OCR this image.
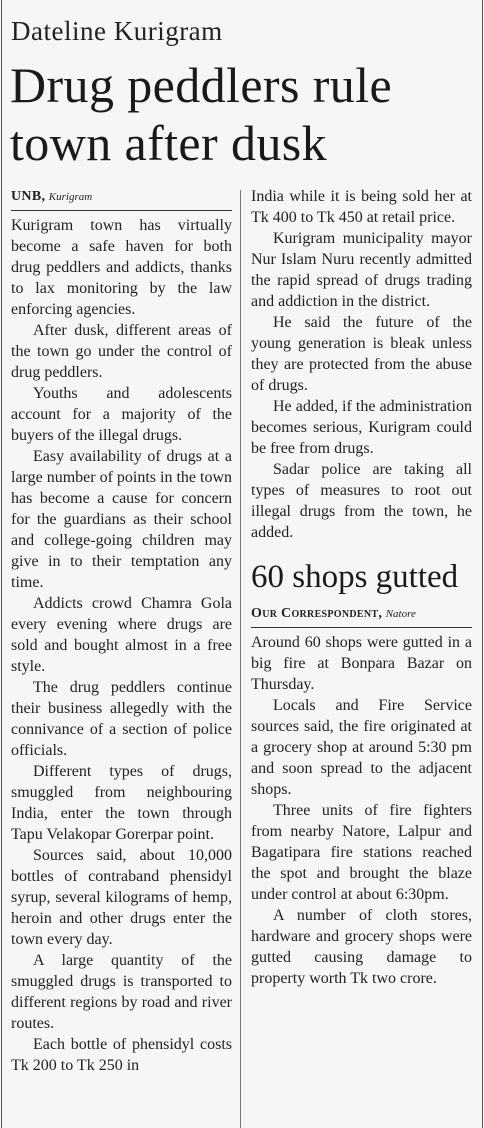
Dateline Kurigram
Drug peddlers rule town after dusk
UNB, Kurigram

Kurigram town has virtually become a safe haven for both drug peddlers and addicts, thanks to lax monitoring by the law enforcing agencies.

After dusk, different areas of the town go under the control of drug peddlers.

Youths and adolescents account for a majority of the buyers of the illegal drugs.

Easy availability of drugs at a large number of points in the town has become a cause for concern for the guardians as their school and college-going children may give in to their temptation any time.

Addicts crowd Chamra Gola every evening where drugs are sold and bought almost in a free style.

The drug peddlers continue their business allegedly with the connivance of a section of police officials.

Different types of drugs, smuggled from neighbouring India, enter the town through Tapu Velakopar Gorerpar point.

Sources said, about 10,000 bottles of contraband phensidyl syrup, several kilograms of hemp, heroin and other drugs enter the town every day.

A large quantity of the smuggled drugs is transported to different regions by road and river routes.

Each bottle of phensidyl costs Tk 200 to Tk 250 in

India while it is being sold her at Tk 400 to Tk 450 at retail price.

Kurigram municipality mayor Nur Islam Nuru recently admitted the rapid spread of drugs trading and addiction in the district.

He said the future of the young generation is bleak unless they are protected from the abuse of drugs.

He added, if the administration becomes serious, Kurigram could be free from drugs.

Sadar police are taking all types of measures to root out illegal drugs from the town, he added.

60 shops gutted
Our Correspondent, Natore

Around 60 shops were gutted in a big fire at Bonpara Bazar on Thursday.

Locals and Fire Service sources said, the fire originated at a grocery shop at around 5:30 pm and soon spread to the adjacent shops.

Three units of fire fighters from nearby Natore, Lalpur and Bagatipara fire stations reached the spot and brought the blaze under control at about 6:30pm.

A number of cloth stores, hardware and grocery shops were gutted causing damage to property worth Tk two crore.
